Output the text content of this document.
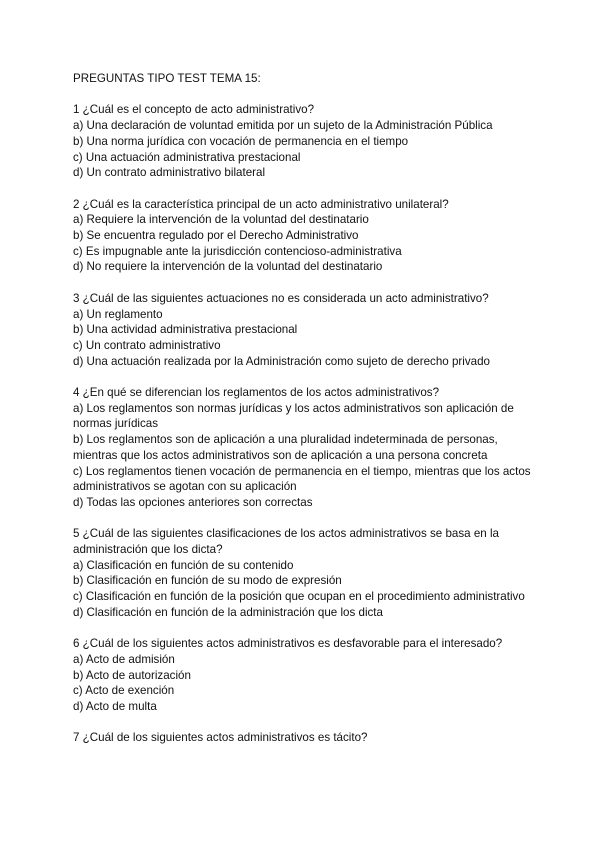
PREGUNTAS TIPO TEST TEMA 15:
1 ¿Cuál es el concepto de acto administrativo?
a) Una declaración de voluntad emitida por un sujeto de la Administración Pública
b) Una norma jurídica con vocación de permanencia en el tiempo
c) Una actuación administrativa prestacional
d) Un contrato administrativo bilateral
2 ¿Cuál es la característica principal de un acto administrativo unilateral?
a) Requiere la intervención de la voluntad del destinatario
b) Se encuentra regulado por el Derecho Administrativo
c) Es impugnable ante la jurisdicción contencioso-administrativa
d) No requiere la intervención de la voluntad del destinatario
3 ¿Cuál de las siguientes actuaciones no es considerada un acto administrativo?
a) Un reglamento
b) Una actividad administrativa prestacional
c) Un contrato administrativo
d) Una actuación realizada por la Administración como sujeto de derecho privado
4 ¿En qué se diferencian los reglamentos de los actos administrativos?
a) Los reglamentos son normas jurídicas y los actos administrativos son aplicación de normas jurídicas
b) Los reglamentos son de aplicación a una pluralidad indeterminada de personas, mientras que los actos administrativos son de aplicación a una persona concreta
c) Los reglamentos tienen vocación de permanencia en el tiempo, mientras que los actos administrativos se agotan con su aplicación
d) Todas las opciones anteriores son correctas
5 ¿Cuál de las siguientes clasificaciones de los actos administrativos se basa en la administración que los dicta?
a) Clasificación en función de su contenido
b) Clasificación en función de su modo de expresión
c) Clasificación en función de la posición que ocupan en el procedimiento administrativo
d) Clasificación en función de la administración que los dicta
6 ¿Cuál de los siguientes actos administrativos es desfavorable para el interesado?
a) Acto de admisión
b) Acto de autorización
c) Acto de exención
d) Acto de multa
7 ¿Cuál de los siguientes actos administrativos es tácito?
